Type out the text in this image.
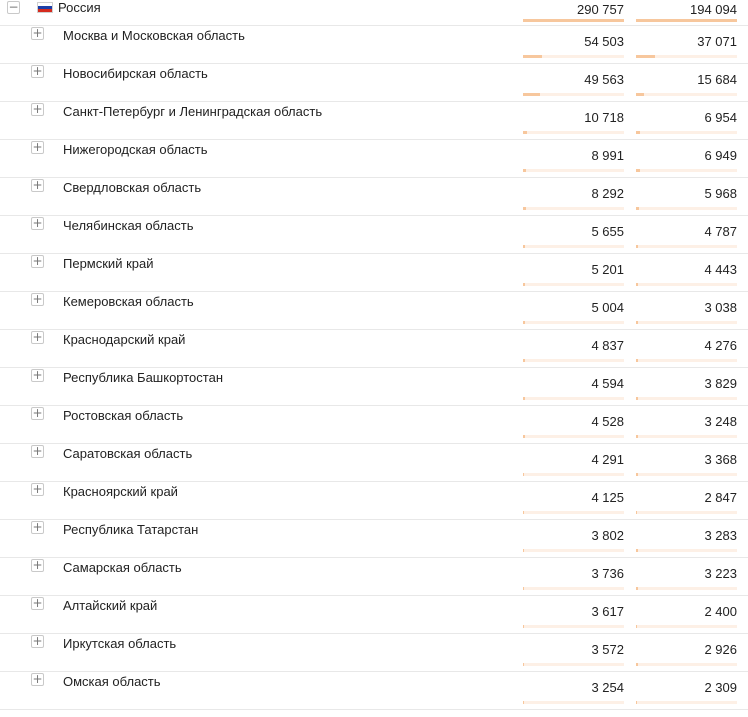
−	Россия	290 757	194 094
+ Москва и Московская область	54 503	37 071
+ Новосибирская область	49 563	15 684
+ Санкт-Петербург и Ленинградская область	10 718	6 954
+ Нижегородская область	8 991	6 949
+ Свердловская область	8 292	5 968
+ Челябинская область	5 655	4 787
+ Пермский край	5 201	4 443
+ Кемеровская область	5 004	3 038
+ Краснодарский край	4 837	4 276
+ Республика Башкортостан	4 594	3 829
+ Ростовская область	4 528	3 248
+ Саратовская область	4 291	3 368
+ Красноярский край	4 125	2 847
+ Республика Татарстан	3 802	3 283
+ Самарская область	3 736	3 223
+ Алтайский край	3 617	2 400
+ Иркутская область	3 572	2 926
+ Омская область	3 254	2 309
